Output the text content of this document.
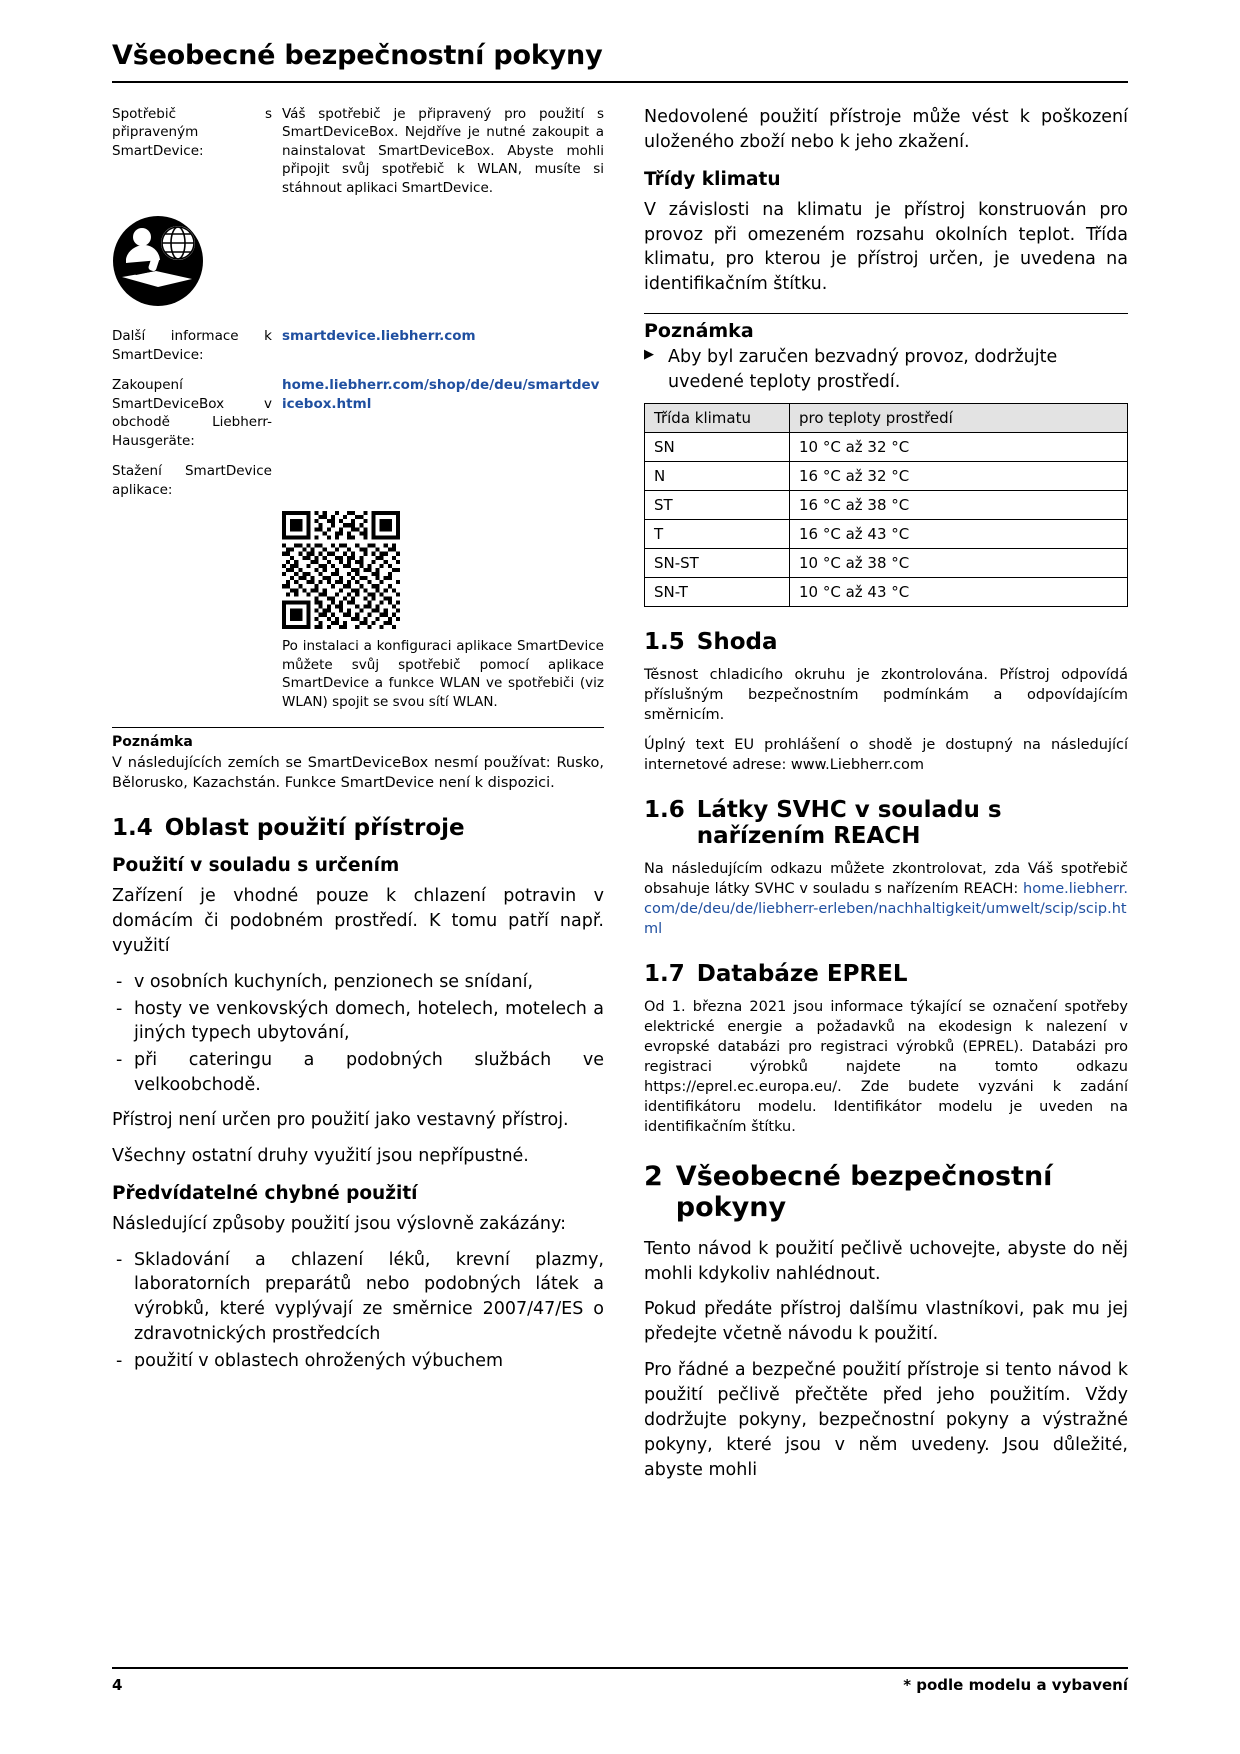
Všeobecné bezpečnostní pokyny
Spotřebič s připraveným SmartDevice:
Váš spotřebič je připravený pro použití s SmartDeviceBox. Nejdříve je nutné zakoupit a nainstalovat SmartDeviceBox. Abyste mohli připojit svůj spotřebič k WLAN, musíte si stáhnout aplikaci SmartDevice.
Další informace k SmartDevice:
smartdevice.liebherr.com
Zakoupení SmartDeviceBox v obchodě Liebherr-Hausgeräte:
home.liebherr.com/shop/de/deu/smartdevicebox.html
Stažení SmartDevice aplikace:
Po instalaci a konfiguraci aplikace SmartDevice můžete svůj spotřebič pomocí aplikace SmartDevice a funkce WLAN ve spotřebiči (viz WLAN) spojit se svou sítí WLAN.
Poznámka
V následujících zemích se SmartDeviceBox nesmí používat: Rusko, Bělorusko, Kazachstán. Funkce SmartDevice není k dispozici.
1.4 Oblast použití přístroje
Použití v souladu s určením

Zařízení je vhodné pouze k chlazení potravin v domácím či podobném prostředí. K tomu patří např. využití

- v osobních kuchyních, penzionech se snídaní,
- hosty ve venkovských domech, hotelech, motelech a jiných typech ubytování,
- při cateringu a podobných službách ve velkoobchodě.

Přístroj není určen pro použití jako vestavný přístroj.

Všechny ostatní druhy využití jsou nepřípustné.

Předvídatelné chybné použití

Následující způsoby použití jsou výslovně zakázány:

- Skladování a chlazení léků, krevní plazmy, laboratorních preparátů nebo podobných látek a výrobků, které vyplývají ze směrnice 2007/47/ES o zdravotnických prostředcích
- použití v oblastech ohrožených výbuchem

Nedovolené použití přístroje může vést k poškození uloženého zboží nebo k jeho zkažení.

Třídy klimatu

V závislosti na klimatu je přístroj konstruován pro provoz při omezeném rozsahu okolních teplot. Třída klimatu, pro kterou je přístroj určen, je uvedena na identifikačním štítku.

Poznámka
▶ Aby byl zaručen bezvadný provoz, dodržujte uvedené teploty prostředí.
Třída klimatu	pro teploty prostředí
SN	10 °C až 32 °C
N	16 °C až 32 °C
ST	16 °C až 38 °C
T	16 °C až 43 °C
SN-ST	10 °C až 38 °C
SN-T	10 °C až 43 °C
1.5 Shoda

Těsnost chladicího okruhu je zkontrolována. Přístroj odpovídá příslušným bezpečnostním podmínkám a odpovídajícím směrnicím.

Úplný text EU prohlášení o shodě je dostupný na následující internetové adrese: www.Liebherr.com

1.6 Látky SVHC v souladu s nařízením REACH

Na následujícím odkazu můžete zkontrolovat, zda Váš spotřebič obsahuje látky SVHC v souladu s nařízením REACH: home.liebherr.com/de/deu/de/liebherr-erleben/nachhaltigkeit/umwelt/scip/scip.html

1.7 Databáze EPREL

Od 1. března 2021 jsou informace týkající se označení spotřeby elektrické energie a požadavků na ekodesign k nalezení v evropské databázi pro registraci výrobků (EPREL). Databázi pro registraci výrobků najdete na tomto odkazu https://eprel.ec.europa.eu/. Zde budete vyzváni k zadání identifikátoru modelu. Identifikátor modelu je uveden na identifikačním štítku.

2 Všeobecné bezpečnostní pokyny

Tento návod k použití pečlivě uchovejte, abyste do něj mohli kdykoliv nahlédnout.

Pokud předáte přístroj dalšímu vlastníkovi, pak mu jej předejte včetně návodu k použití.

Pro řádné a bezpečné použití přístroje si tento návod k použití pečlivě přečtěte před jeho použitím. Vždy dodržujte pokyny, bezpečnostní pokyny a výstražné pokyny, které jsou v něm uvedeny. Jsou důležité, abyste mohli

4	* podle modelu a vybavení
